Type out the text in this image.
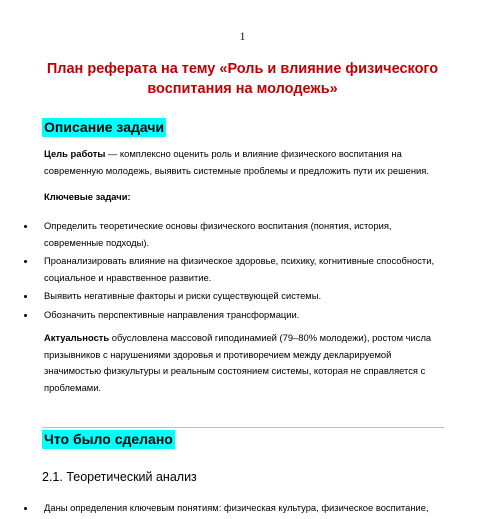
1
План реферата на тему «Роль и влияние физического воспитания на молодежь»
Описание задачи

Цель работы — комплексно оценить роль и влияние физического воспитания на современную молодежь, выявить системные проблемы и предложить пути их решения.

Ключевые задачи:

Определить теоретические основы физического воспитания (понятия, история, современные подходы).
Проанализировать влияние на физическое здоровье, психику, когнитивные способности, социальное и нравственное развитие.
Выявить негативные факторы и риски существующей системы.
Обозначить перспективные направления трансформации.

Актуальность обусловлена массовой гиподинамией (79–80% молодежи), ростом числа призывников с нарушениями здоровья и противоречием между декларируемой значимостью физкультуры и реальным состоянием системы, которая не справляется с проблемами.

Что было сделано
2.1. Теоретический анализ
Даны определения ключевым понятиям: физическая культура, физическое воспитание,
